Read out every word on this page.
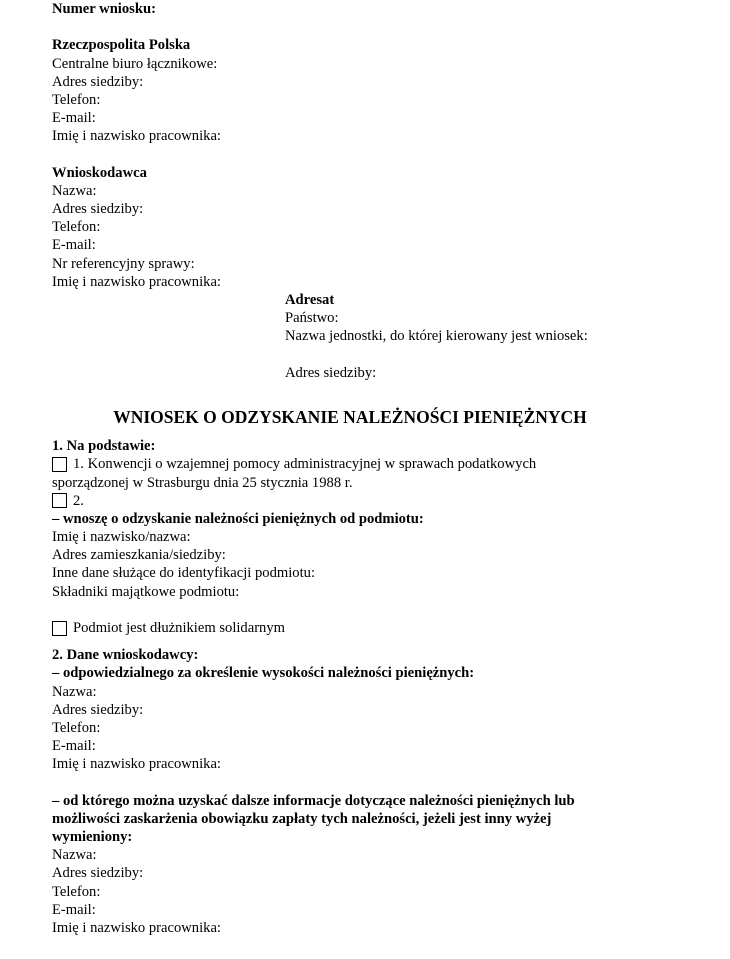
Numer wniosku:
Rzeczpospolita Polska
Centralne biuro łącznikowe:
Adres siedziby:
Telefon:
E-mail:
Imię i nazwisko pracownika:
Wnioskodawca
Nazwa:
Adres siedziby:
Telefon:
E-mail:
Nr referencyjny sprawy:
Imię i nazwisko pracownika:
Adresat
Państwo:
Nazwa jednostki, do której kierowany jest wniosek:
Adres siedziby:
WNIOSEK O ODZYSKANIE NALEŻNOŚCI PIENIĘŻNYCH
1. Na podstawie:
1. Konwencji o wzajemnej pomocy administracyjnej w sprawach podatkowych
sporządzonej w Strasburgu dnia 25 stycznia 1988 r.
2.
– wnoszę o odzyskanie należności pieniężnych od podmiotu:
Imię i nazwisko/nazwa:
Adres zamieszkania/siedziby:
Inne dane służące do identyfikacji podmiotu:
Składniki majątkowe podmiotu:
Podmiot jest dłużnikiem solidarnym
2. Dane wnioskodawcy:
– odpowiedzialnego za określenie wysokości należności pieniężnych:
Nazwa:
Adres siedziby:
Telefon:
E-mail:
Imię i nazwisko pracownika:
– od którego można uzyskać dalsze informacje dotyczące należności pieniężnych lub
możliwości zaskarżenia obowiązku zapłaty tych należności, jeżeli jest inny wyżej
wymieniony:
Nazwa:
Adres siedziby:
Telefon:
E-mail:
Imię i nazwisko pracownika:
